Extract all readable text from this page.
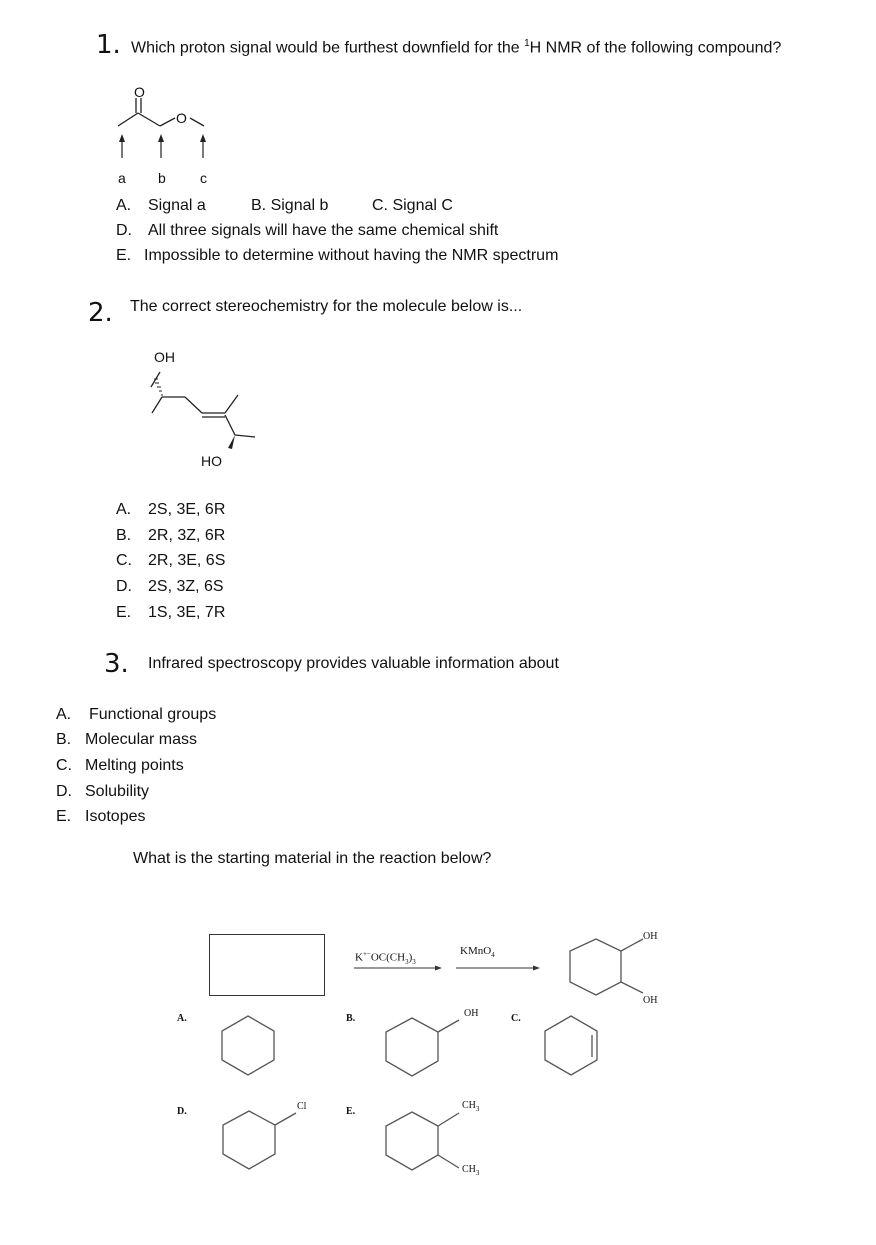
1. Which proton signal would be furthest downfield for the $^1$H NMR of the following compound?
O
O
a b c
A. Signal a	B. Signal b	C. Signal C
D. All three signals will have the same chemical shift
E. Impossible to determine without having the NMR spectrum
2. The correct stereochemistry for the molecule below is...
OH
HO
A. 2S, 3E, 6R
B. 2R, 3Z, 6R
C. 2R, 3E, 6S
D. 2S, 3Z, 6S
E. 1S, 3E, 7R
3. Infrared spectroscopy provides valuable information about
A. Functional groups
B. Molecular mass
C. Melting points
D. Solubility
E. Isotopes
What is the starting material in the reaction below?
$K^{+-}OC(CH_3)_3$
KMnO$_4$
OH
OH
A.	B.	OH	C.
D.	Cl	E.
$CH_3$
$CH_3$
